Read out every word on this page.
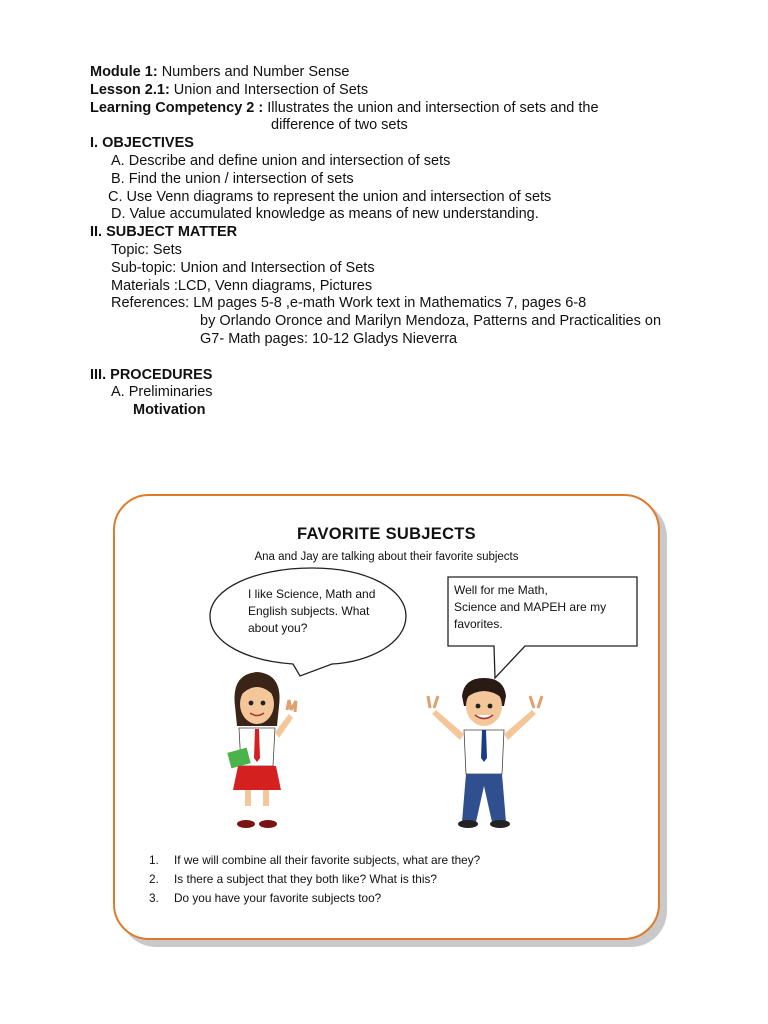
Module 1: Numbers and Number Sense
Lesson 2.1: Union and Intersection of Sets
Learning Competency 2 : Illustrates the union and intersection of sets and the
difference of two sets
I. OBJECTIVES
A. Describe and define union and intersection of sets
B. Find the union / intersection of sets
C. Use Venn diagrams to represent the union and intersection of sets
D. Value accumulated knowledge as means of new understanding.
II. SUBJECT MATTER
Topic: Sets
Sub-topic: Union and Intersection of Sets
Materials :LCD, Venn diagrams, Pictures
References: LM pages 5-8 ,e-math Work text in Mathematics 7, pages 6-8
by Orlando Oronce and Marilyn Mendoza, Patterns and Practicalities on
G7- Math pages: 10-12 Gladys Nieverra
III. PROCEDURES
A. Preliminaries
Motivation
FAVORITE SUBJECTS
Ana and Jay are talking about their favorite subjects
I like Science, Math and
English subjects. What
about you?
Well for me Math,
Science and MAPEH are my
favorites.
1.	If we will combine all their favorite subjects, what are they?
2.	Is there a subject that they both like? What is this?
3.	Do you have your favorite subjects too?
